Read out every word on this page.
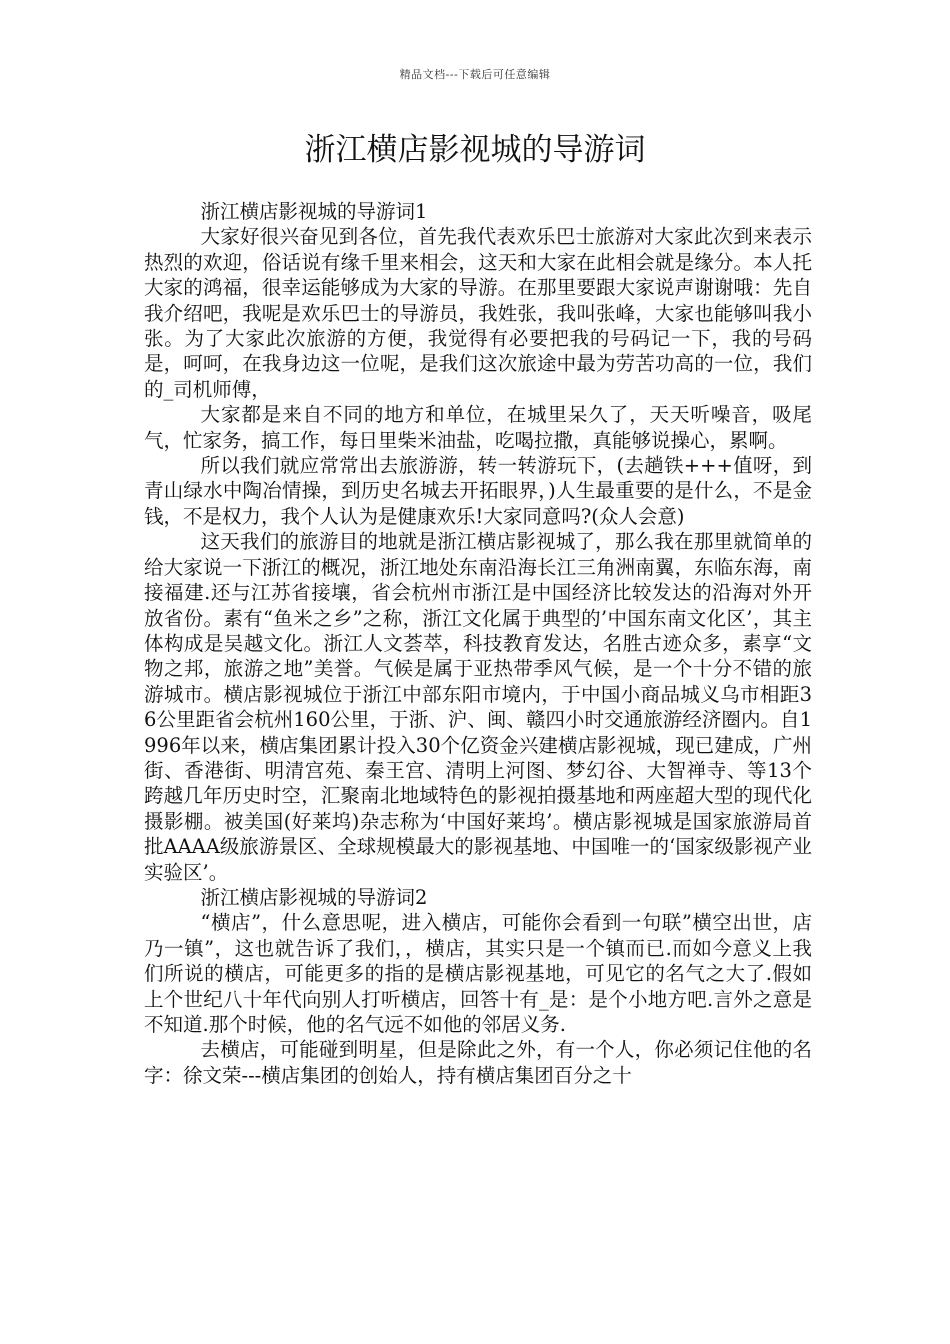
精品文档---下载后可任意编辑
浙江横店影视城的导游词

浙江横店影视城的导游词1

大家好很兴奋见到各位，首先我代表欢乐巴士旅游对大家此次到来表示热烈的欢迎，俗话说有缘千里来相会，这天和大家在此相会就是缘分。本人托大家的鸿福，很幸运能够成为大家的导游。在那里要跟大家说声谢谢哦：先自我介绍吧，我呢是欢乐巴士的导游员，我姓张，我叫张峰，大家也能够叫我小张。为了大家此次旅游的方便，我觉得有必要把我的号码记一下，我的号码是，呵呵，在我身边这一位呢，是我们这次旅途中最为劳苦功高的一位，我们的_司机师傅，

大家都是来自不同的地方和单位，在城里呆久了，天天听噪音，吸尾气，忙家务，搞工作，每日里柴米油盐，吃喝拉撒，真能够说操心，累啊。

所以我们就应常常出去旅游游，转一转游玩下，(去趟铁+++值呀，到青山绿水中陶冶情操，到历史名城去开拓眼界，)人生最重要的是什么，不是金钱，不是权力，我个人认为是健康欢乐!大家同意吗?(众人会意)

这天我们的旅游目的地就是浙江横店影视城了，那么我在那里就简单的给大家说一下浙江的概况，浙江地处东南沿海长江三角洲南翼，东临东海，南接福建.还与江苏省接壤，省会杭州市浙江是中国经济比较发达的沿海对外开放省份。素有“鱼米之乡”之称，浙江文化属于典型的’中国东南文化区’，其主体构成是吴越文化。浙江人文荟萃，科技教育发达，名胜古迹众多，素享“文物之邦，旅游之地”美誉。气候是属于亚热带季风气候，是一个十分不错的旅游城市。横店影视城位于浙江中部东阳市境内，于中国小商品城义乌市相距36公里距省会杭州160公里，于浙、沪、闽、赣四小时交通旅游经济圈内。自1996年以来，横店集团累计投入30个亿资金兴建横店影视城，现已建成，广州街、香港街、明清宫苑、秦王宫、清明上河图、梦幻谷、大智禅寺、等13个跨越几年历史时空，汇聚南北地域特色的影视拍摄基地和两座超大型的现代化摄影棚。被美国(好莱坞)杂志称为‘中国好莱坞’。横店影视城是国家旅游局首批AAAA级旅游景区、全球规模最大的影视基地、中国唯一的‘国家级影视产业实验区’。

浙江横店影视城的导游词2

“横店”，什么意思呢，进入横店，可能你会看到一句联”横空出世，店乃一镇”，这也就告诉了我们，，横店，其实只是一个镇而已.而如今意义上我们所说的横店，可能更多的指的是横店影视基地，可见它的名气之大了.假如上个世纪八十年代向别人打听横店，回答十有_是：是个小地方吧.言外之意是不知道.那个时候，他的名气远不如他的邻居义务.

去横店，可能碰到明星，但是除此之外，有一个人，你必须记住他的名字：徐文荣---横店集团的创始人，持有横店集团百分之十
